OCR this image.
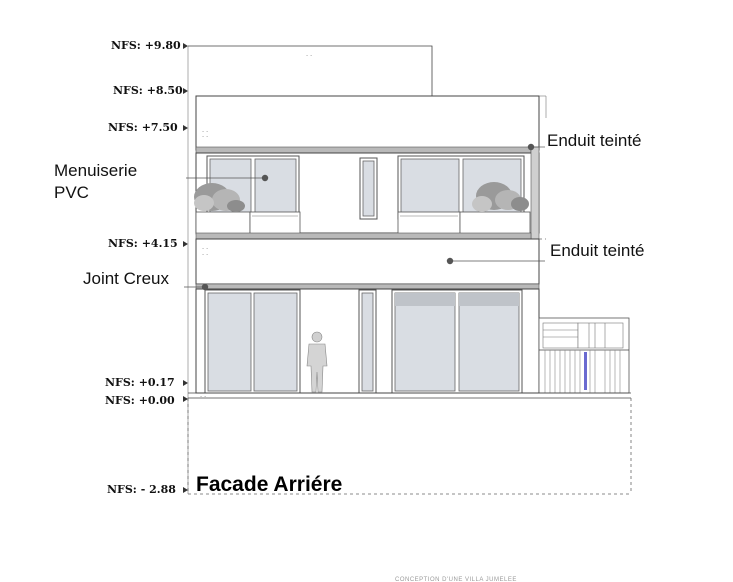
NFS: +9.80
NFS: +8.50
NFS: +7.50
NFS: +4.15
NFS: +0.17
NFS: +0.00
NFS: - 2.88
- -
- -
- -
- -
- -
- -
Enduit teinté
Enduit teinté
Menuiserie
PVC
Joint Creux
Facade Arriére
CONCEPTION D'UNE VILLA JUMELEE
